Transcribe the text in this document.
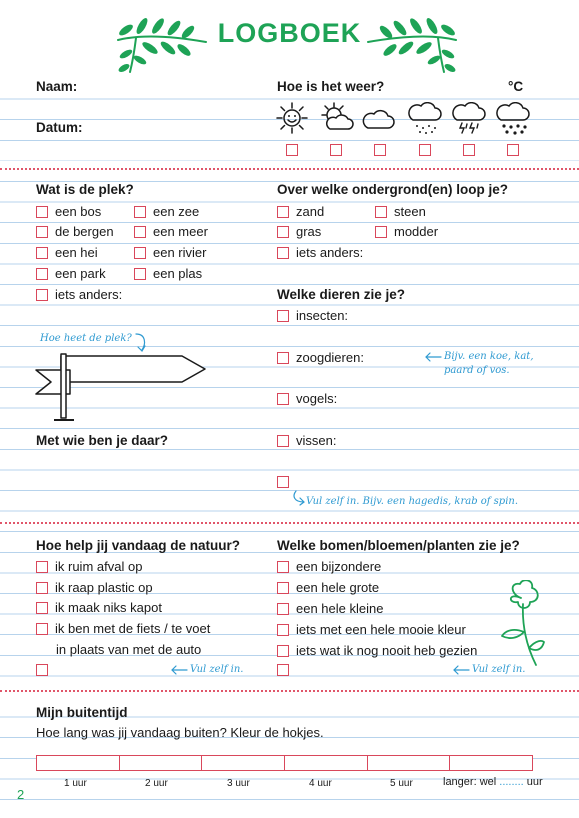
LOGBOEK
Naam:
Datum:
Hoe is het weer?	°C
Wat is de plek?
een bos
de bergen
een hei
een park
iets anders:
een zee
een meer
een rivier
een plas
Hoe heet de plek?
Met wie ben je daar?
Over welke ondergrond(en) loop je?
zand
gras
iets anders:
steen
modder
Welke dieren zie je?
insecten:
zoogdieren:
vogels:
vissen:
Bijv. een koe, kat,
paard of vos.
Vul zelf in. Bijv. een hagedis, krab of spin.
Hoe help jij vandaag de natuur?
ik ruim afval op
ik raap plastic op
ik maak niks kapot
ik ben met de fiets / te voet
in plaats van met de auto
Vul zelf in.
Welke bomen/bloemen/planten zie je?
een bijzondere
een hele grote
een hele kleine
iets met een hele mooie kleur
iets wat ik nog nooit heb gezien
Vul zelf in.
Mijn buitentijd
Hoe lang was jij vandaag buiten? Kleur de hokjes.
1 uur	2 uur	3 uur	4 uur	5 uur	langer: wel ........ uur
2
